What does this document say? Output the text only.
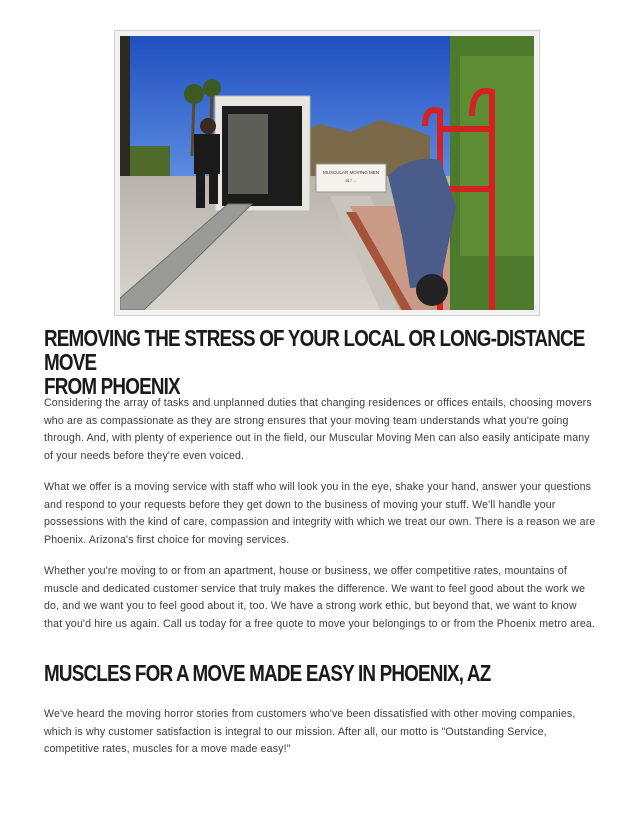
MUSCULAR MOVING MEN
817 ...
REMOVING THE STRESS OF YOUR LOCAL OR LONG-DISTANCE MOVE
FROM PHOENIX

Considering the array of tasks and unplanned duties that changing residences or offices entails, choosing movers who are as compassionate as they are strong ensures that your moving team understands what you're going through. And, with plenty of experience out in the field, our Muscular Moving Men can also easily anticipate many of your needs before they're even voiced.

What we offer is a moving service with staff who will look you in the eye, shake your hand, answer your questions and respond to your requests before they get down to the business of moving your stuff. We'll handle your possessions with the kind of care, compassion and integrity with which we treat our own. There is a reason we are Phoenix. Arizona's first choice for moving services.

Whether you're moving to or from an apartment, house or business, we offer competitive rates, mountains of muscle and dedicated customer service that truly makes the difference. We want to feel good about the work we do, and we want you to feel good about it, too. We have a strong work ethic, but beyond that, we want to know that you'd hire us again. Call us today for a free quote to move your belongings to or from the Phoenix metro area.

MUSCLES FOR A MOVE MADE EASY IN PHOENIX, AZ

We've heard the moving horror stories from customers who've been dissatisfied with other moving companies, which is why customer satisfaction is integral to our mission. After all, our motto is "Outstanding Service, competitive rates, muscles for a move made easy!"
